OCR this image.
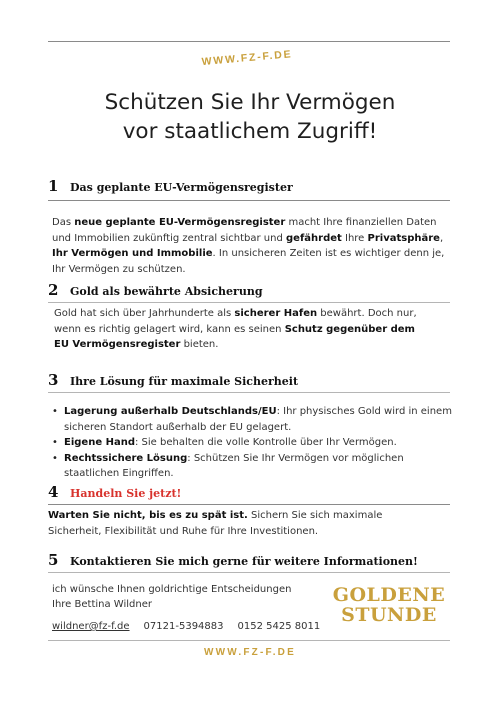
WWW.FZ-F.DE
Schützen Sie Ihr Vermögen
vor staatlichem Zugriff!
1	Das geplante EU-Vermögensregister

Das neue geplante EU-Vermögensregister macht Ihre finanziellen Daten und Immobilien zukünftig zentral sichtbar und gefährdet Ihre Privatsphäre, Ihr Vermögen und Immobilie. In unsicheren Zeiten ist es wichtiger denn je, Ihr Vermögen zu schützen.

2	Gold als bewährte Absicherung

Gold hat sich über Jahrhunderte als sicherer Hafen bewährt. Doch nur, wenn es richtig gelagert wird, kann es seinen Schutz gegenüber dem EU Vermögensregister bieten.

3	Ihre Lösung für maximale Sicherheit
• Lagerung außerhalb Deutschlands/EU: Ihr physisches Gold wird in einem sicheren Standort außerhalb der EU gelagert.
• Eigene Hand: Sie behalten die volle Kontrolle über Ihr Vermögen.
• Rechtssichere Lösung: Schützen Sie Ihr Vermögen vor möglichen staatlichen Eingriffen.
4	Handeln Sie jetzt!

Warten Sie nicht, bis es zu spät ist. Sichern Sie sich maximale Sicherheit, Flexibilität und Ruhe für Ihre Investitionen.

5	Kontaktieren Sie mich gerne für weitere Informationen!
ich wünsche Ihnen goldrichtige Entscheidungen
Ihre Bettina Wildner	GOLDENE
STUNDE
wildner@fz-f.de 07121-5394883 0152 5425 8011
WWW.FZ-F.DE
